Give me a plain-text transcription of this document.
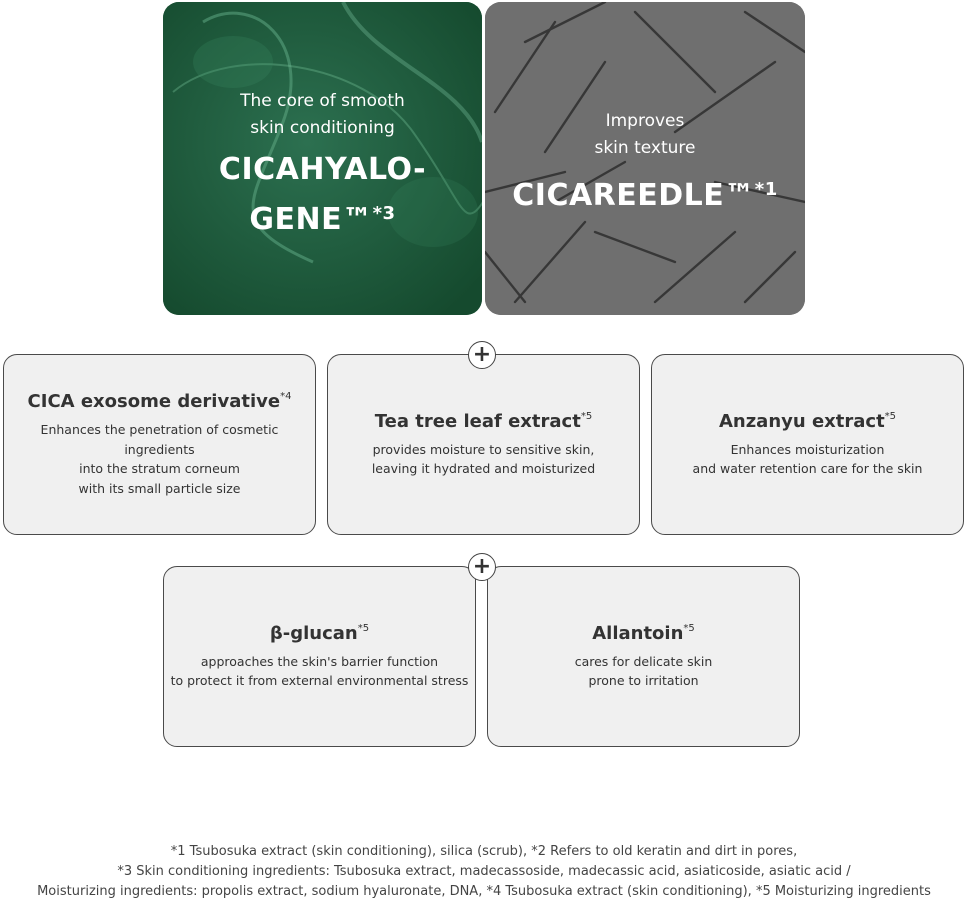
The core of smooth
skin conditioning
CICAHYALO-
GENE™$^{*3}$
Improves
skin texture
CICAREEDLE™$^{*1}$
CICA exosome derivative$^{*4}$
Enhances the penetration of cosmetic ingredients
into the stratum corneum
with its small particle size
Tea tree leaf extract$^{*5}$
provides moisture to sensitive skin,
leaving it hydrated and moisturized
Anzanyu extract$^{*5}$
Enhances moisturization
and water retention care for the skin
β-glucan$^{*5}$
approaches the skin's barrier function
to protect it from external environmental stress
Allantoin$^{*5}$
cares for delicate skin
prone to irritation
+
+
*1 Tsubosuka extract (skin conditioning), silica (scrub), *2 Refers to old keratin and dirt in pores,
*3 Skin conditioning ingredients: Tsubosuka extract, madecassoside, madecassic acid, asiaticoside, asiatic acid /
Moisturizing ingredients: propolis extract, sodium hyaluronate, DNA, *4 Tsubosuka extract (skin conditioning), *5 Moisturizing ingredients
